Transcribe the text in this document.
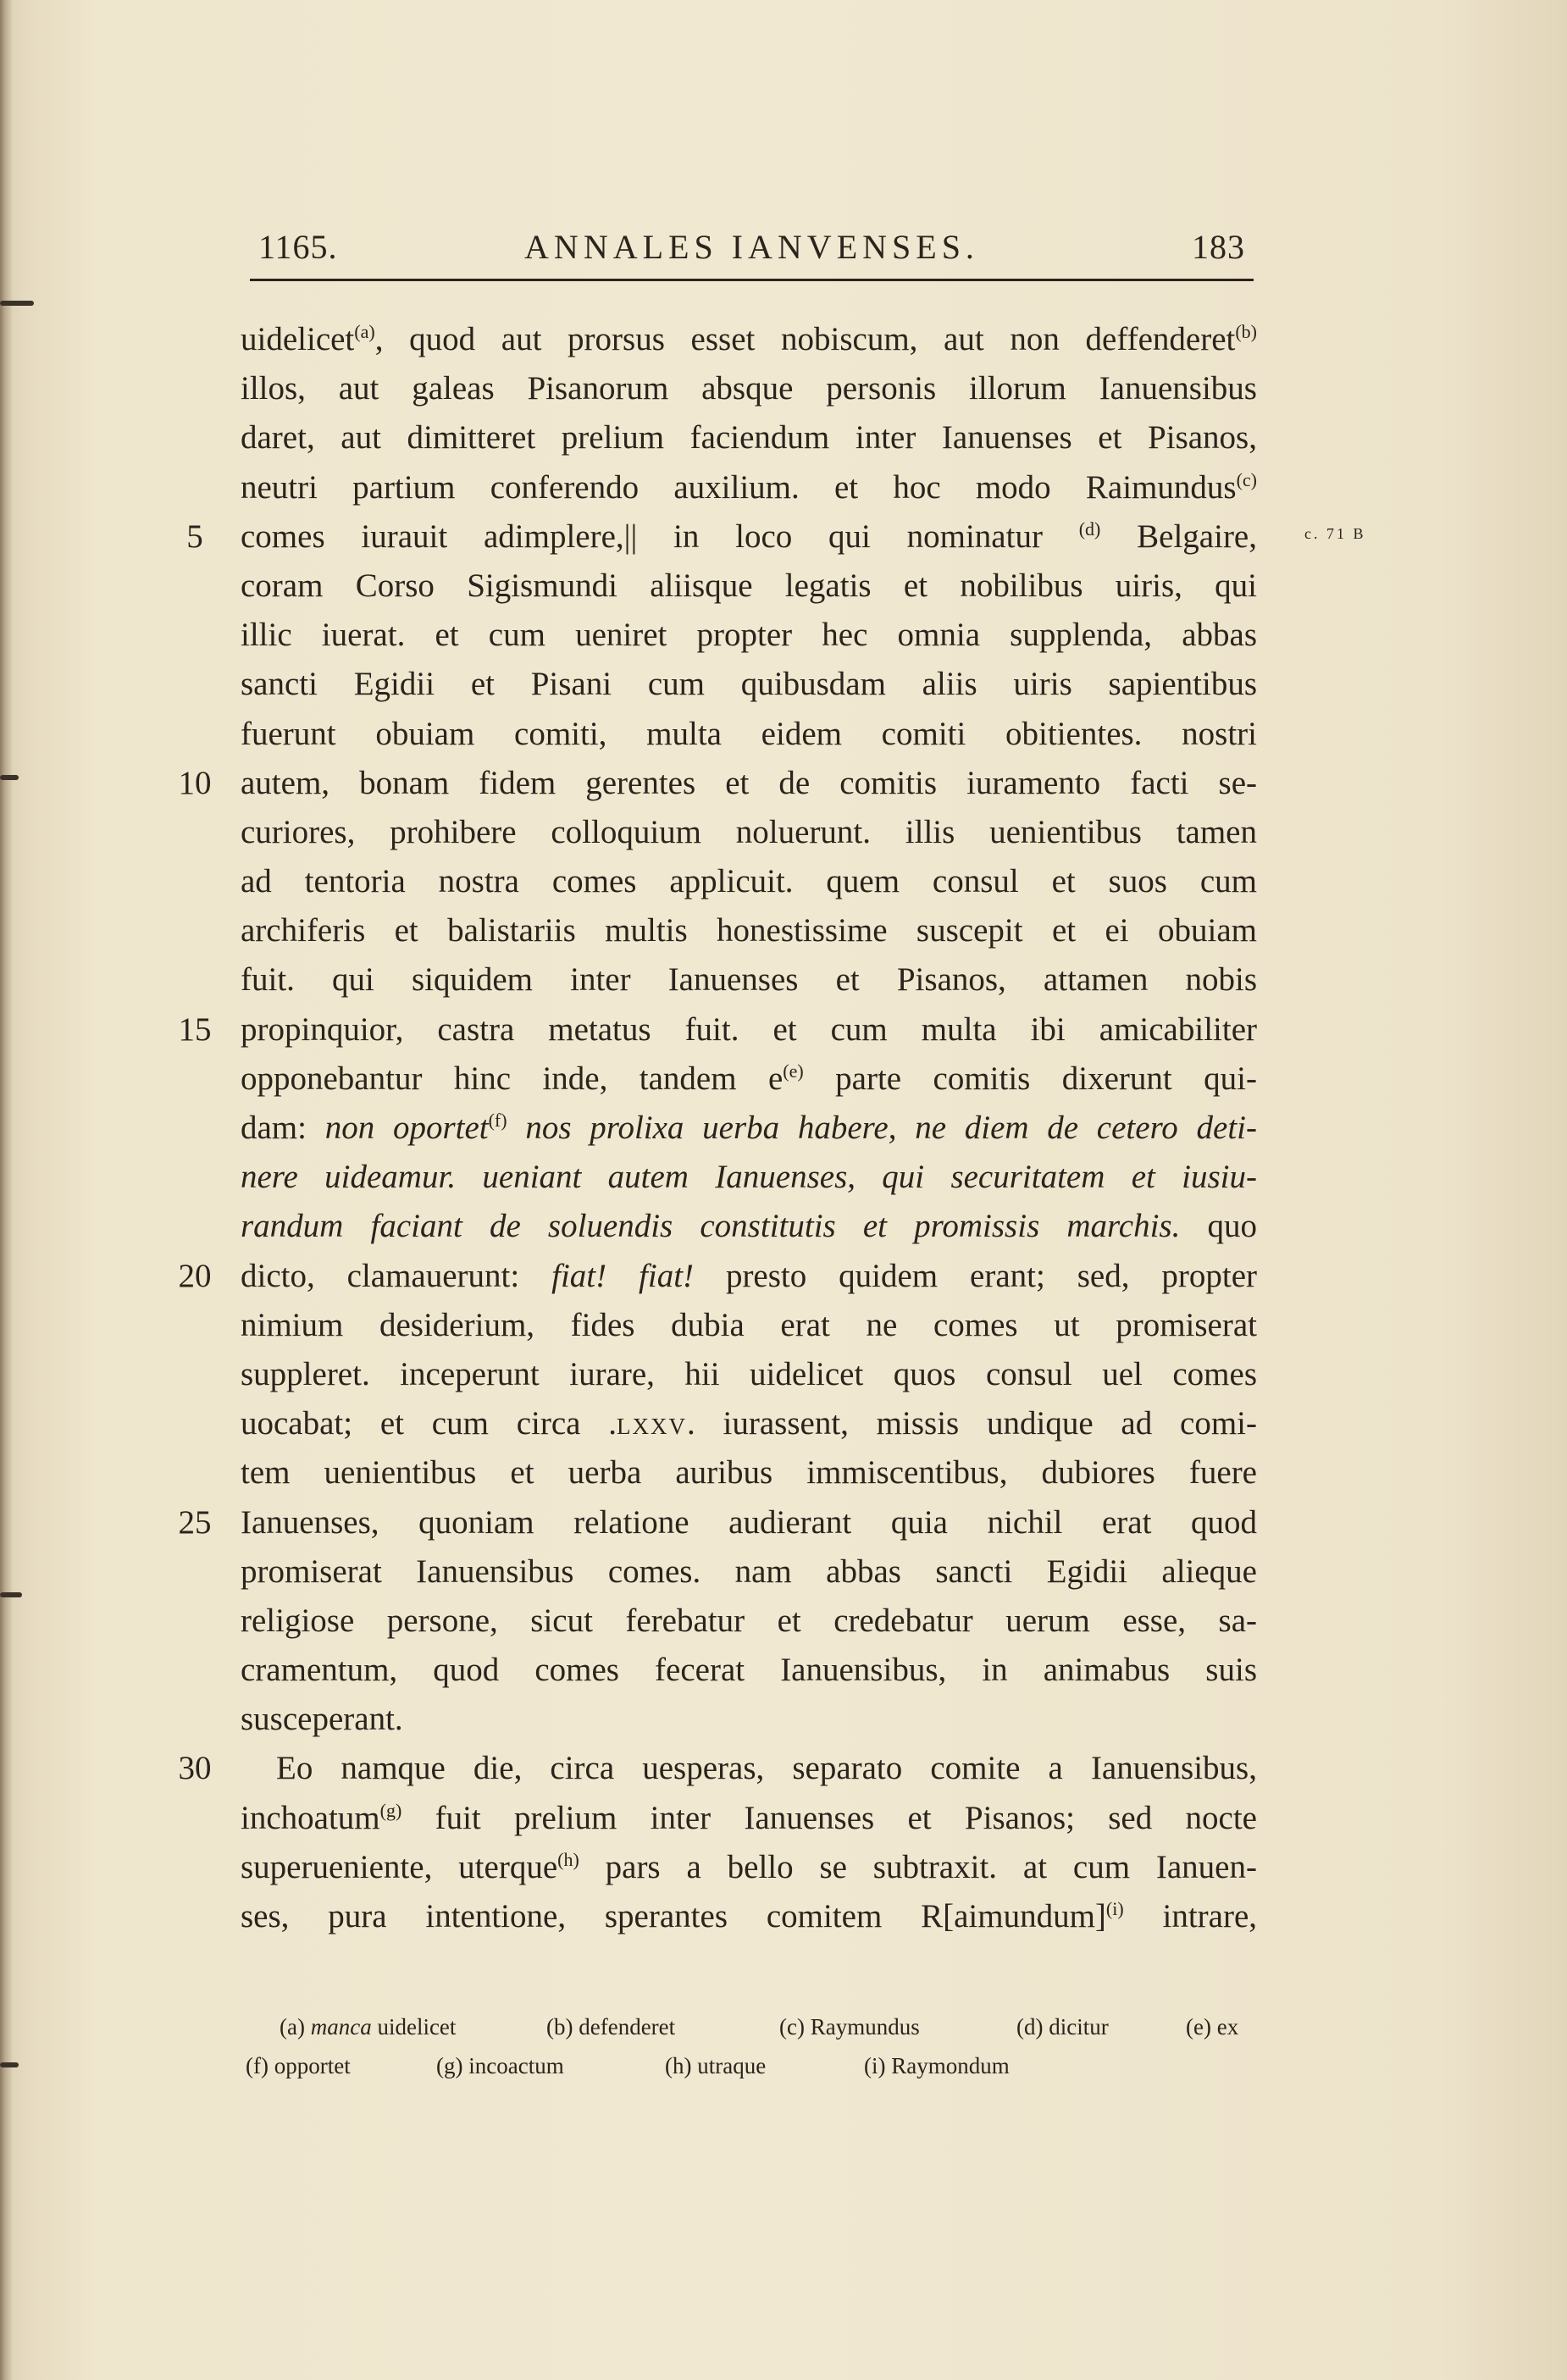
1165.	ANNALES IANVENSES.	183
c. 71 B
uidelicet$^{(a)}$, quod aut prorsus esset nobiscum, aut non deffenderet$^{(b)}$
illos, aut galeas Pisanorum absque personis illorum Ianuensibus
daret, aut dimitteret prelium faciendum inter Ianuenses et Pisanos,
neutri partium conferendo auxilium. et hoc modo Raimundus$^{(c)}$
5	comes iurauit adimplere,|| in loco qui nominatur $^{(d)}$ Belgaire,
coram Corso Sigismundi aliisque legatis et nobilibus uiris, qui
illic iuerat. et cum ueniret propter hec omnia supplenda, abbas
sancti Egidii et Pisani cum quibusdam aliis uiris sapientibus
fuerunt obuiam comiti, multa eidem comiti obitientes. nostri
10 autem, bonam fidem gerentes et de comitis iuramento facti se-
curiores, prohibere colloquium noluerunt. illis uenientibus tamen
ad tentoria nostra comes applicuit. quem consul et suos cum
archiferis et balistariis multis honestissime suscepit et ei obuiam
fuit. qui siquidem inter Ianuenses et Pisanos, attamen nobis
15 propinquior, castra metatus fuit. et cum multa ibi amicabiliter
opponebantur hinc inde, tandem $e^{(e)}$ parte comitis dixerunt qui-
dam: non oportet$^{(f)}$ nos prolixa uerba habere, ne diem de cetero deti-
nere uideamur. ueniant autem Ianuenses, qui securitatem et iusiu-
randum faciant de soluendis constitutis et promissis marchis. quo
20 dicto, clamauerunt: fiat! fiat! presto quidem erant; sed, propter
nimium desiderium, fides dubia erat ne comes ut promiserat
suppleret. inceperunt iurare, hii uidelicet quos consul uel comes
uocabat; et cum circa .lxxv. iurassent, missis undique ad comi-
tem uenientibus et uerba auribus immiscentibus, dubiores fuere
25 Ianuenses, quoniam relatione audierant quia nichil erat quod
promiserat Ianuensibus comes. nam abbas sancti Egidii alieque
religiose persone, sicut ferebatur et credebatur uerum esse, sa-
cramentum, quod comes fecerat Ianuensibus, in animabus suis
susceperant.
30	Eo namque die, circa uesperas, separato comite a Ianuensibus,
inchoatum$^{(g)}$ fuit prelium inter Ianuenses et Pisanos; sed nocte
superueniente, uterque$^{(h)}$ pars a bello se subtraxit. at cum Ianuen-
ses, pura intentione, sperantes comitem R[aimundum]$^{(i)}$ intrare,
(a) manca uidelicet	(b) defenderet	(c) Raymundus	(d) dicitur	(e) ex
(f) opportet	(g) incoactum	(h) utraque	(i) Raymondum
